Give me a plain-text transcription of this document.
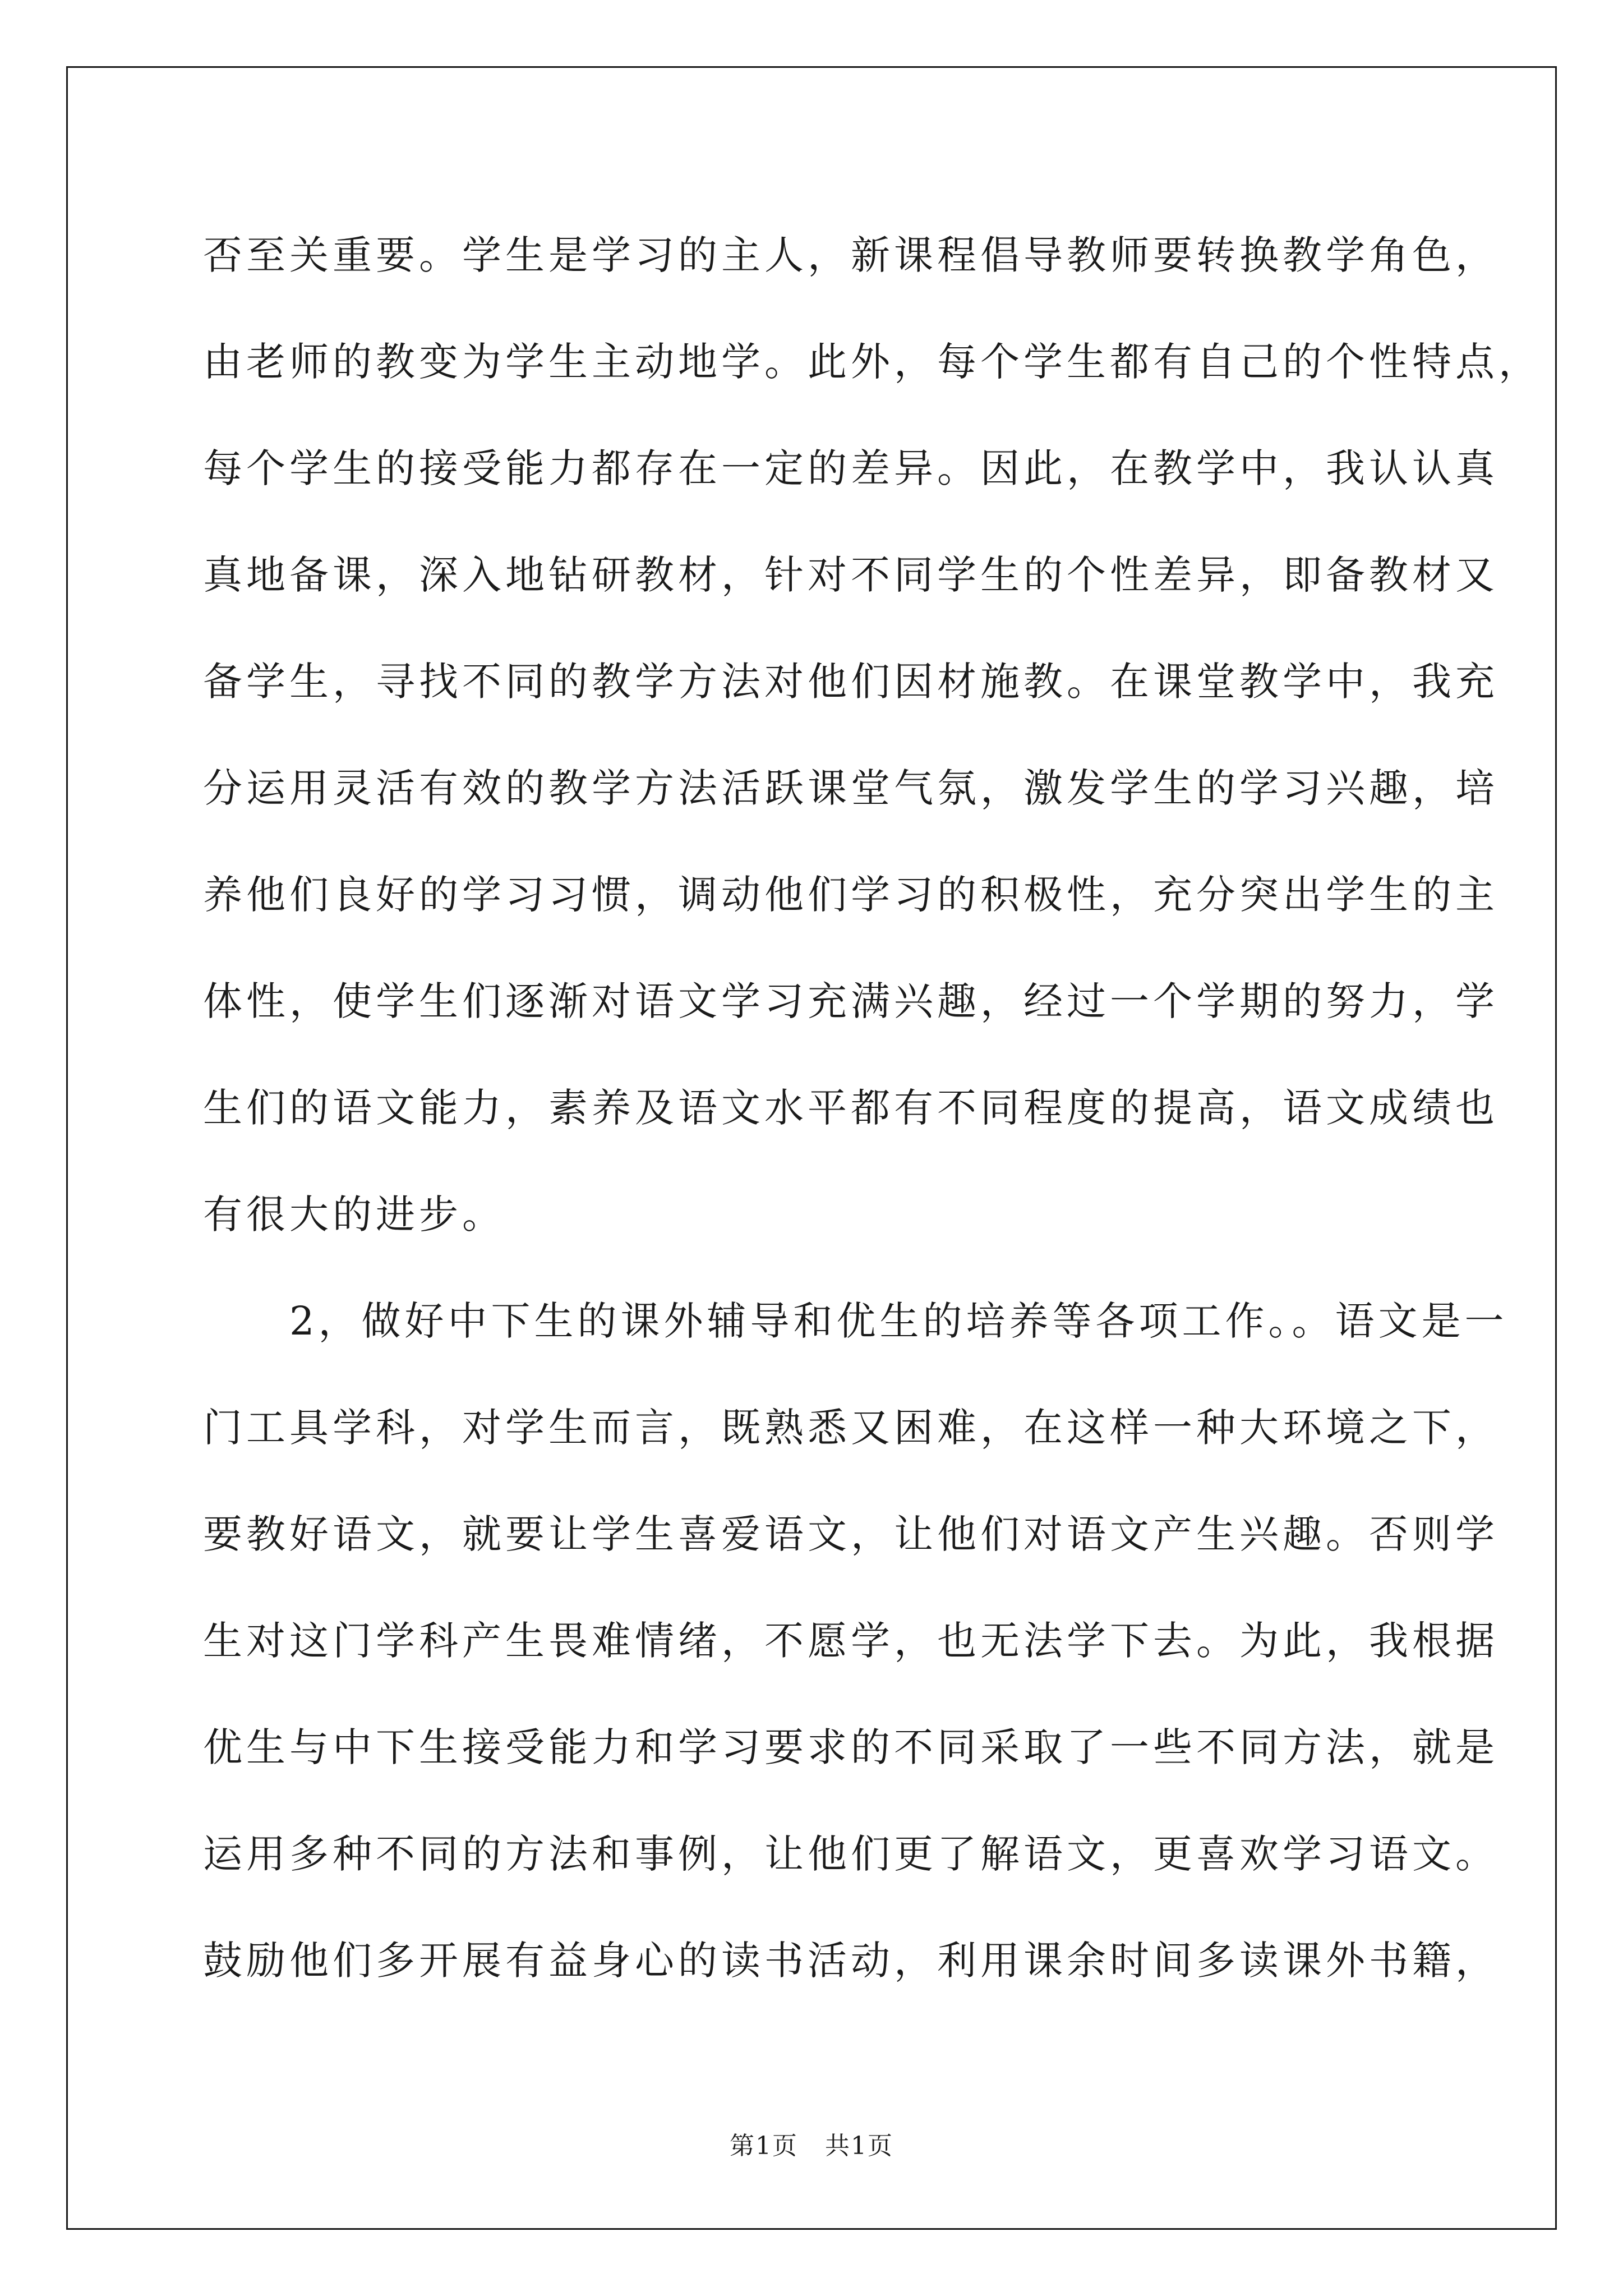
否至关重要。学生是学习的主人，新课程倡导教师要转换教学角色，
由老师的教变为学生主动地学。此外，每个学生都有自己的个性特点，
每个学生的接受能力都存在一定的差异。因此，在教学中，我认认真
真地备课，深入地钻研教材，针对不同学生的个性差异，即备教材又
备学生，寻找不同的教学方法对他们因材施教。在课堂教学中，我充
分运用灵活有效的教学方法活跃课堂气氛，激发学生的学习兴趣，培
养他们良好的学习习惯，调动他们学习的积极性，充分突出学生的主
体性，使学生们逐渐对语文学习充满兴趣，经过一个学期的努力，学
生们的语文能力，素养及语文水平都有不同程度的提高，语文成绩也
有很大的进步。
　　2，做好中下生的课外辅导和优生的培养等各项工作。。语文是一
门工具学科，对学生而言，既熟悉又困难，在这样一种大环境之下，
要教好语文，就要让学生喜爱语文，让他们对语文产生兴趣。否则学
生对这门学科产生畏难情绪，不愿学，也无法学下去。为此，我根据
优生与中下生接受能力和学习要求的不同采取了一些不同方法，就是
运用多种不同的方法和事例，让他们更了解语文，更喜欢学习语文。
鼓励他们多开展有益身心的读书活动，利用课余时间多读课外书籍，
第1页   共1页
